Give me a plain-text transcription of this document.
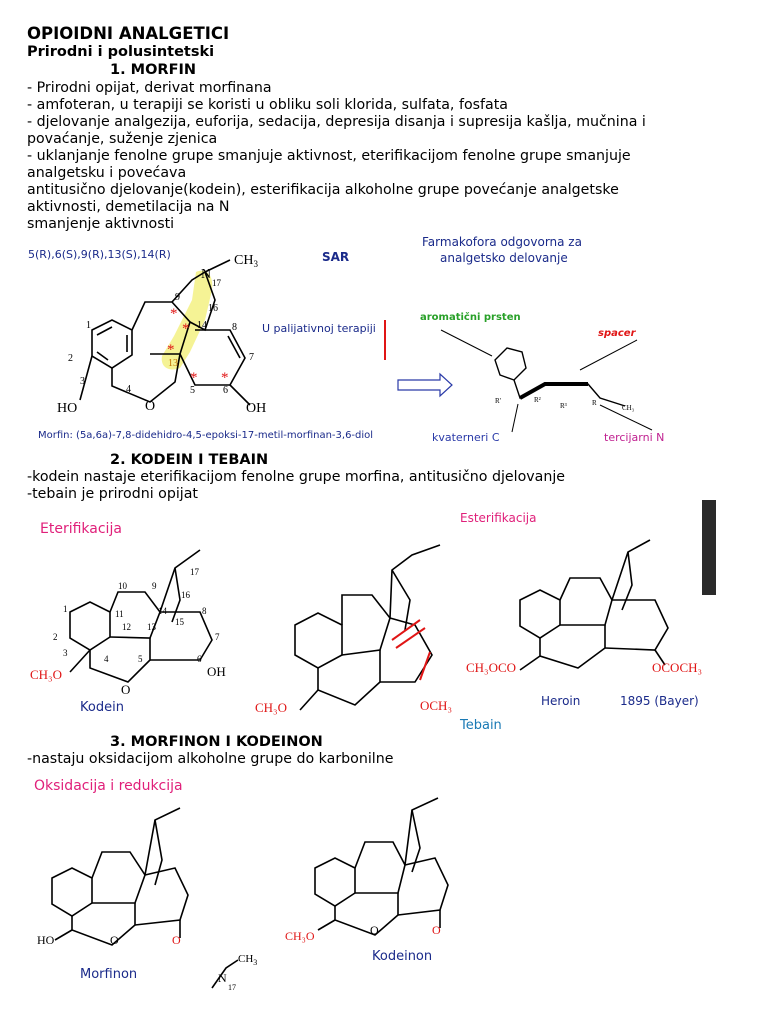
OPIOIDNI ANALGETICI
Prirodni i polusintetski
1. MORFIN
- Prirodni opijat, derivat morfinana
- amfoteran, u terapiji se koristi u obliku soli klorida, sulfata, fosfata
- djelovanje analgezija, euforija, sedacija, depresija disanja i supresija kašlja, mučnina i
povaćanje, suženje zjenica
- uklanjanje fenolne grupe smanjuje aktivnost, eterifikacijom fenolne grupe smanjuje
analgetsku i povećava
antitusično djelovanje(kodein), esterifikacija alkoholne grupe povećanje analgetske
aktivnosti, demetilacija na N
smanjenje aktivnosti
2. KODEIN I TEBAIN
-kodein nastaje eterifikacijom fenolne grupe morfina, antitusično djelovanje
-tebain je prirodni opijat
3. MORFINON I KODEINON
-nastaju oksidacijom alkoholne grupe do karbonilne
*
*
*
* *
13
1
2
3
4	5	6
7
8
9
14
16
HO	O	OH
N
$CH_3$
17
5(R),6(S),9(R),13(S),14(R)	SAR
Farmakofora odgovorna za
analgetsko delovanje
U palijativnoj terapiji
Morfin: (5a,6a)-7,8-didehidro-4,5-epoksi-17-metil-morfinan-3,6-diol
R'	R²
R³	R
CH₃
aromatični prsten
spacer
kvaterneri C	tercijarni N
Eterifikacija
Esterifikacija
10	9
16
17
1	11	14
15
8
2
12 13
7
3
4	5	6
CH₃O
O
OH
Kodein	CH₃O	OCH₃
Tebain
CH₃OCO	OCOCH₃
Heroin	1895 (Bayer)
Oksidacija i redukcija
HO	O	O
Morfinon
CH₃O	O	O
Kodeinon
N
$CH_3$
17
